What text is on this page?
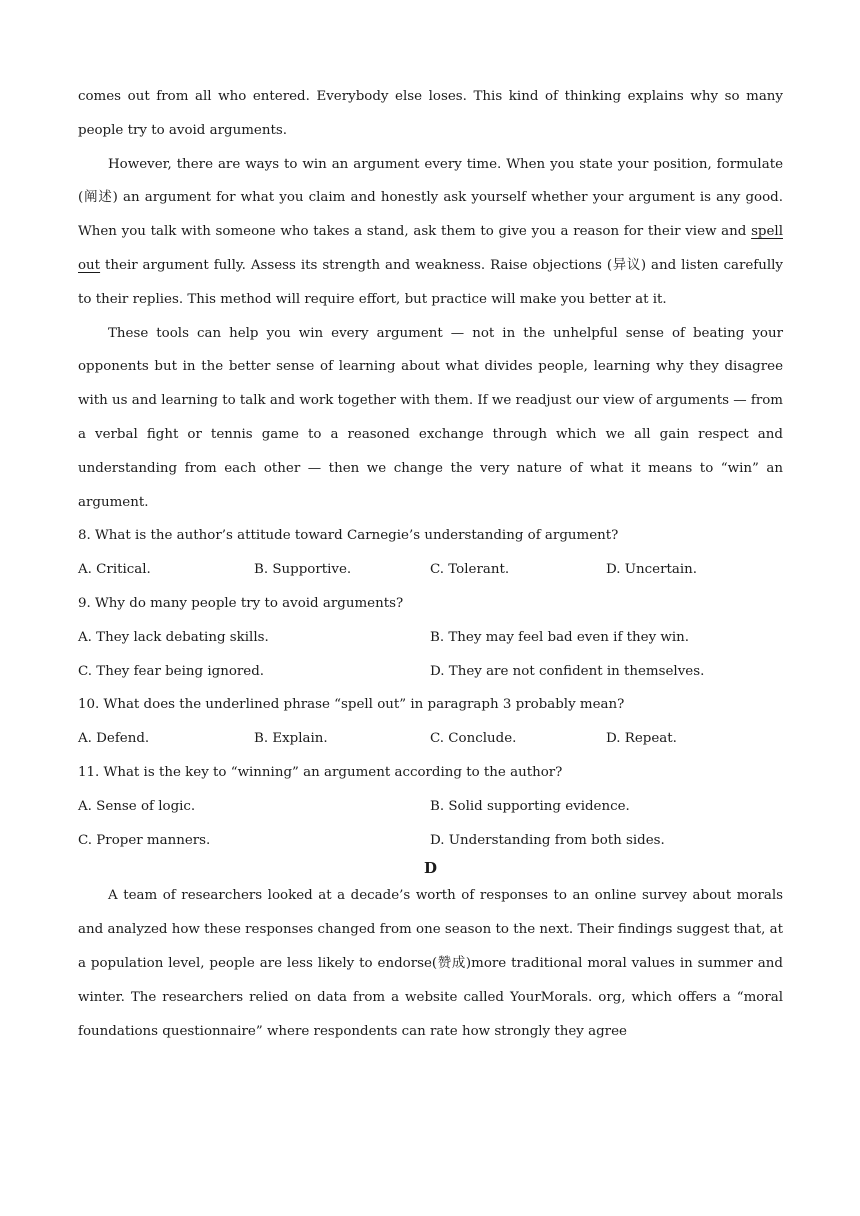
comes out from all who entered. Everybody else loses. This kind of thinking explains why so many people try to avoid arguments.

However, there are ways to win an argument every time. When you state your position, formulate (阐述) an argument for what you claim and honestly ask yourself whether your argument is any good. When you talk with someone who takes a stand, ask them to give you a reason for their view and spell out their argument fully. Assess its strength and weakness. Raise objections (异议) and listen carefully to their replies. This method will require effort, but practice will make you better at it.

These tools can help you win every argument — not in the unhelpful sense of beating your opponents but in the better sense of learning about what divides people, learning why they disagree with us and learning to talk and work together with them. If we readjust our view of arguments — from a verbal fight or tennis game to a reasoned exchange through which we all gain respect and understanding from each other — then we change the very nature of what it means to “win” an argument.

8. What is the author’s attitude toward Carnegie’s understanding of argument?

A. Critical.	B. Supportive.	C. Tolerant.	D. Uncertain.

9. Why do many people try to avoid arguments?

A. They lack debating skills.	B. They may feel bad even if they win.
C. They fear being ignored.	D. They are not confident in themselves.

10. What does the underlined phrase “spell out” in paragraph 3 probably mean?

A. Defend.	B. Explain.	C. Conclude.	D. Repeat.

11. What is the key to “winning” an argument according to the author?

A. Sense of logic.	B. Solid supporting evidence.
C. Proper manners.	D. Understanding from both sides.
D

A team of researchers looked at a decade’s worth of responses to an online survey about morals and analyzed how these responses changed from one season to the next. Their findings suggest that, at a population level, people are less likely to endorse(赞成)more traditional moral values in summer and winter. The researchers relied on data from a website called YourMorals. org, which offers a “moral foundations questionnaire” where respondents can rate how strongly they agree
